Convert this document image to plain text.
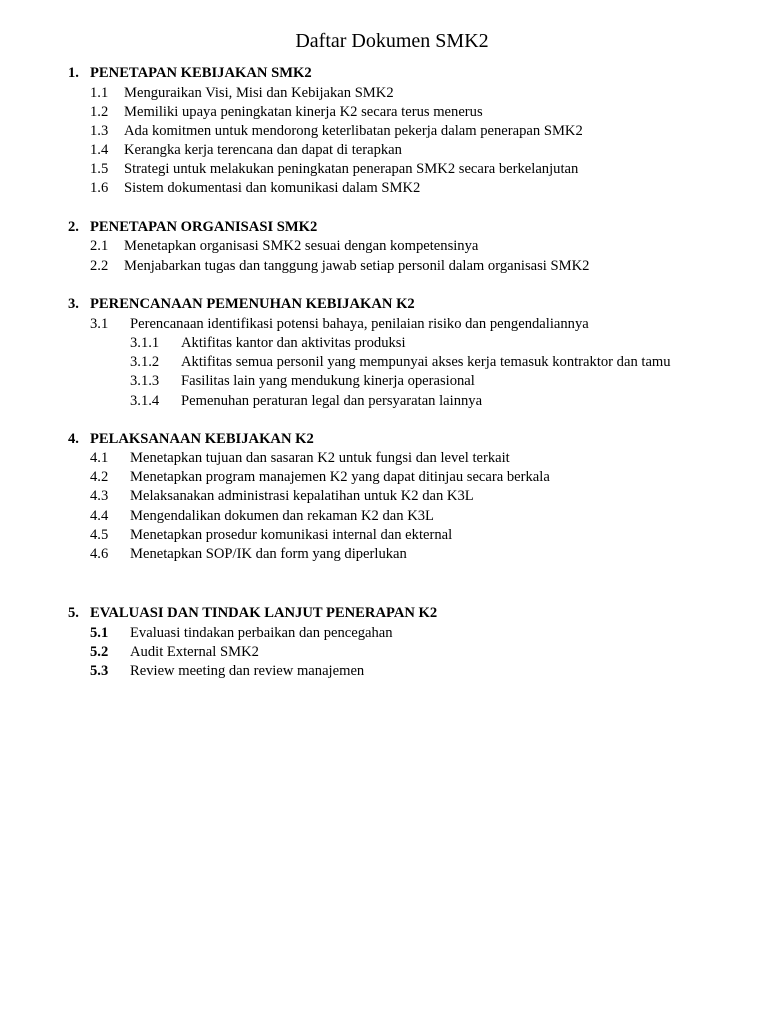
Daftar Dokumen SMK2
1. PENETAPAN KEBIJAKAN SMK2
1.1 Menguraikan Visi, Misi dan Kebijakan SMK2
1.2 Memiliki upaya peningkatan kinerja K2 secara terus menerus
1.3 Ada komitmen untuk mendorong keterlibatan pekerja dalam penerapan SMK2
1.4 Kerangka kerja terencana dan dapat di terapkan
1.5 Strategi untuk melakukan peningkatan penerapan SMK2 secara berkelanjutan
1.6 Sistem dokumentasi dan komunikasi dalam SMK2
2. PENETAPAN ORGANISASI SMK2
2.1 Menetapkan organisasi SMK2 sesuai dengan kompetensinya
2.2 Menjabarkan tugas dan tanggung jawab setiap personil dalam organisasi SMK2
3. PERENCANAAN PEMENUHAN KEBIJAKAN K2
3.1 Perencanaan identifikasi potensi bahaya, penilaian risiko dan pengendaliannya
3.1.1 Aktifitas kantor dan aktivitas produksi
3.1.2 Aktifitas semua personil yang mempunyai akses kerja temasuk kontraktor dan tamu
3.1.3 Fasilitas lain yang mendukung kinerja operasional
3.1.4 Pemenuhan peraturan legal dan persyaratan lainnya
4. PELAKSANAAN KEBIJAKAN K2
4.1 Menetapkan tujuan dan sasaran K2 untuk fungsi dan level terkait
4.2 Menetapkan program manajemen K2 yang dapat ditinjau secara berkala
4.3 Melaksanakan administrasi kepalatihan untuk K2 dan K3L
4.4 Mengendalikan dokumen dan rekaman K2 dan K3L
4.5 Menetapkan prosedur komunikasi internal dan ekternal
4.6 Menetapkan SOP/IK dan form yang diperlukan
5. EVALUASI DAN TINDAK LANJUT PENERAPAN K2
5.1 Evaluasi tindakan perbaikan dan pencegahan
5.2 Audit External SMK2
5.3 Review meeting dan review manajemen
